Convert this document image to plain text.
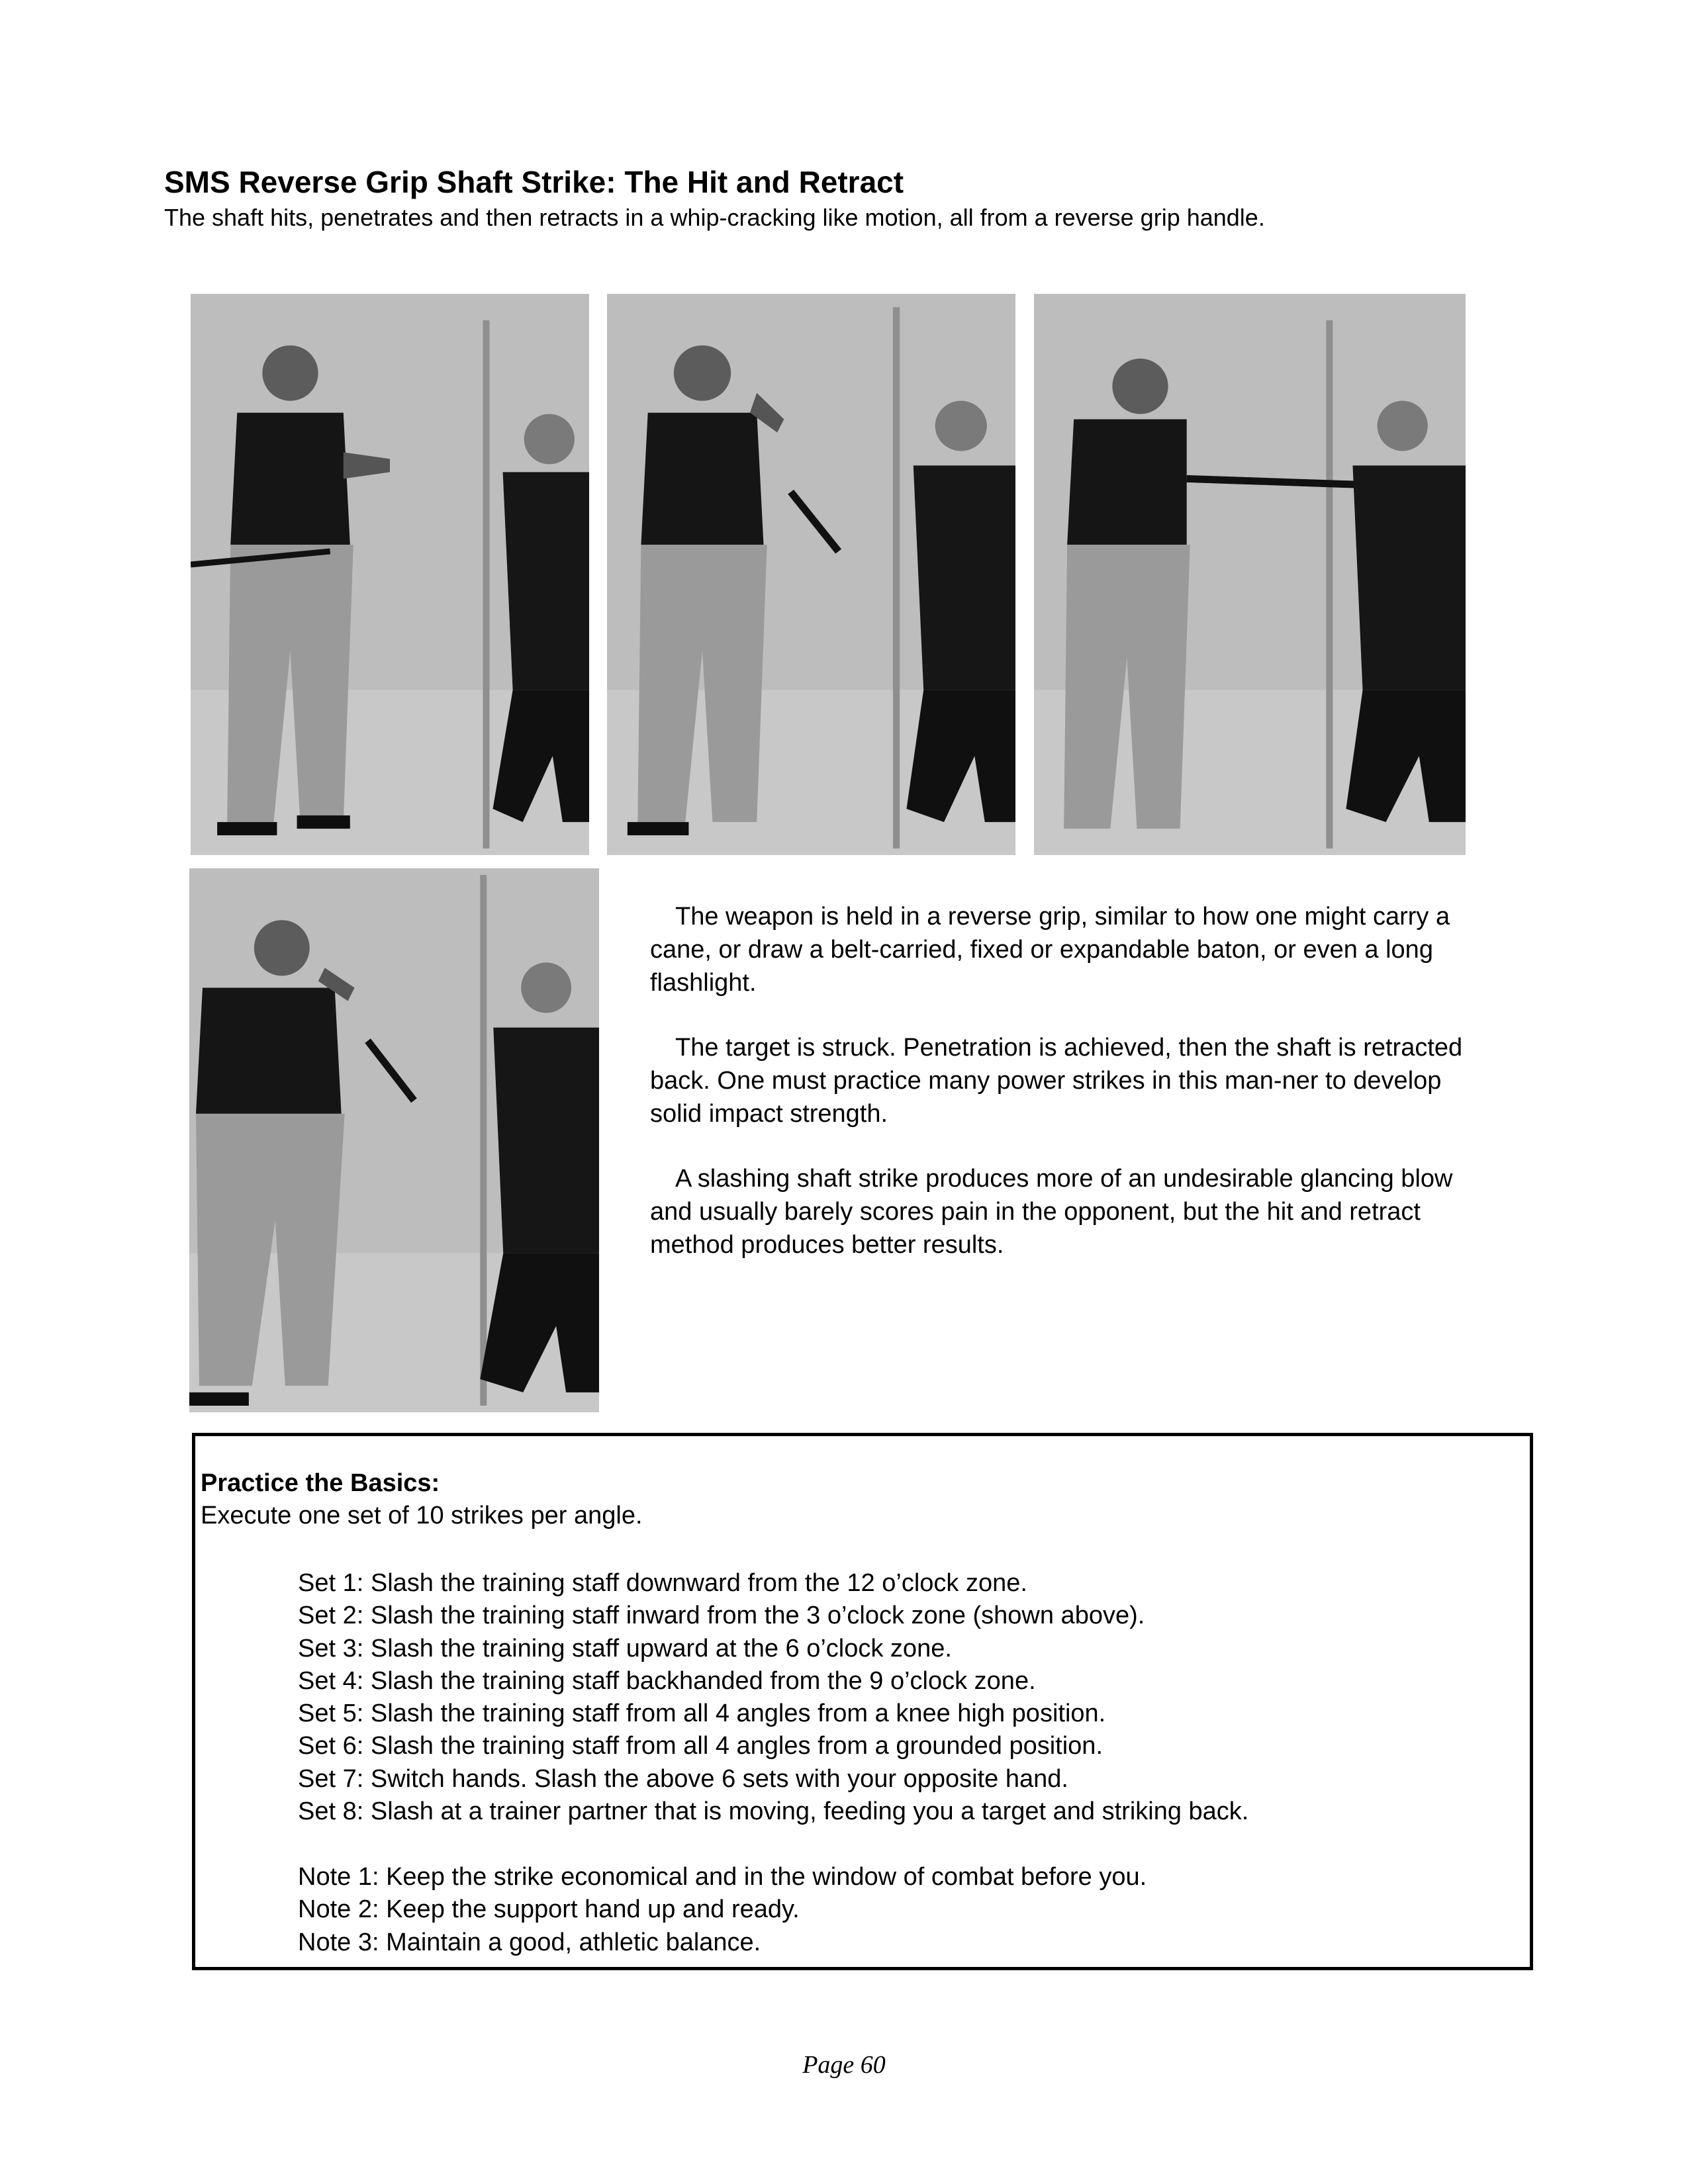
SMS Reverse Grip Shaft Strike: The Hit and Retract

The shaft hits, penetrates and then retracts in a whip-cracking like motion, all from a reverse grip handle.

The weapon is held in a reverse grip, similar to how one might carry a cane, or draw a belt-carried, fixed or expandable baton, or even a long flashlight.

The target is struck. Penetration is achieved, then the shaft is retracted back. One must practice many power strikes in this man-ner to develop solid impact strength.

A slashing shaft strike produces more of an undesirable glancing blow and usually barely scores pain in the opponent, but the hit and retract method produces better results.

Practice the Basics:
Execute one set of 10 strikes per angle.
Set 1: Slash the training staff downward from the 12 o’clock zone.
Set 2: Slash the training staff inward from the 3 o’clock zone (shown above).
Set 3: Slash the training staff upward at the 6 o’clock zone.
Set 4: Slash the training staff backhanded from the 9 o’clock zone.
Set 5: Slash the training staff from all 4 angles from a knee high position.
Set 6: Slash the training staff from all 4 angles from a grounded position.
Set 7: Switch hands. Slash the above 6 sets with your opposite hand.
Set 8: Slash at a trainer partner that is moving, feeding you a target and striking back.
Note 1: Keep the strike economical and in the window of combat before you.
Note 2: Keep the support hand up and ready.
Note 3: Maintain a good, athletic balance.
Page 60
